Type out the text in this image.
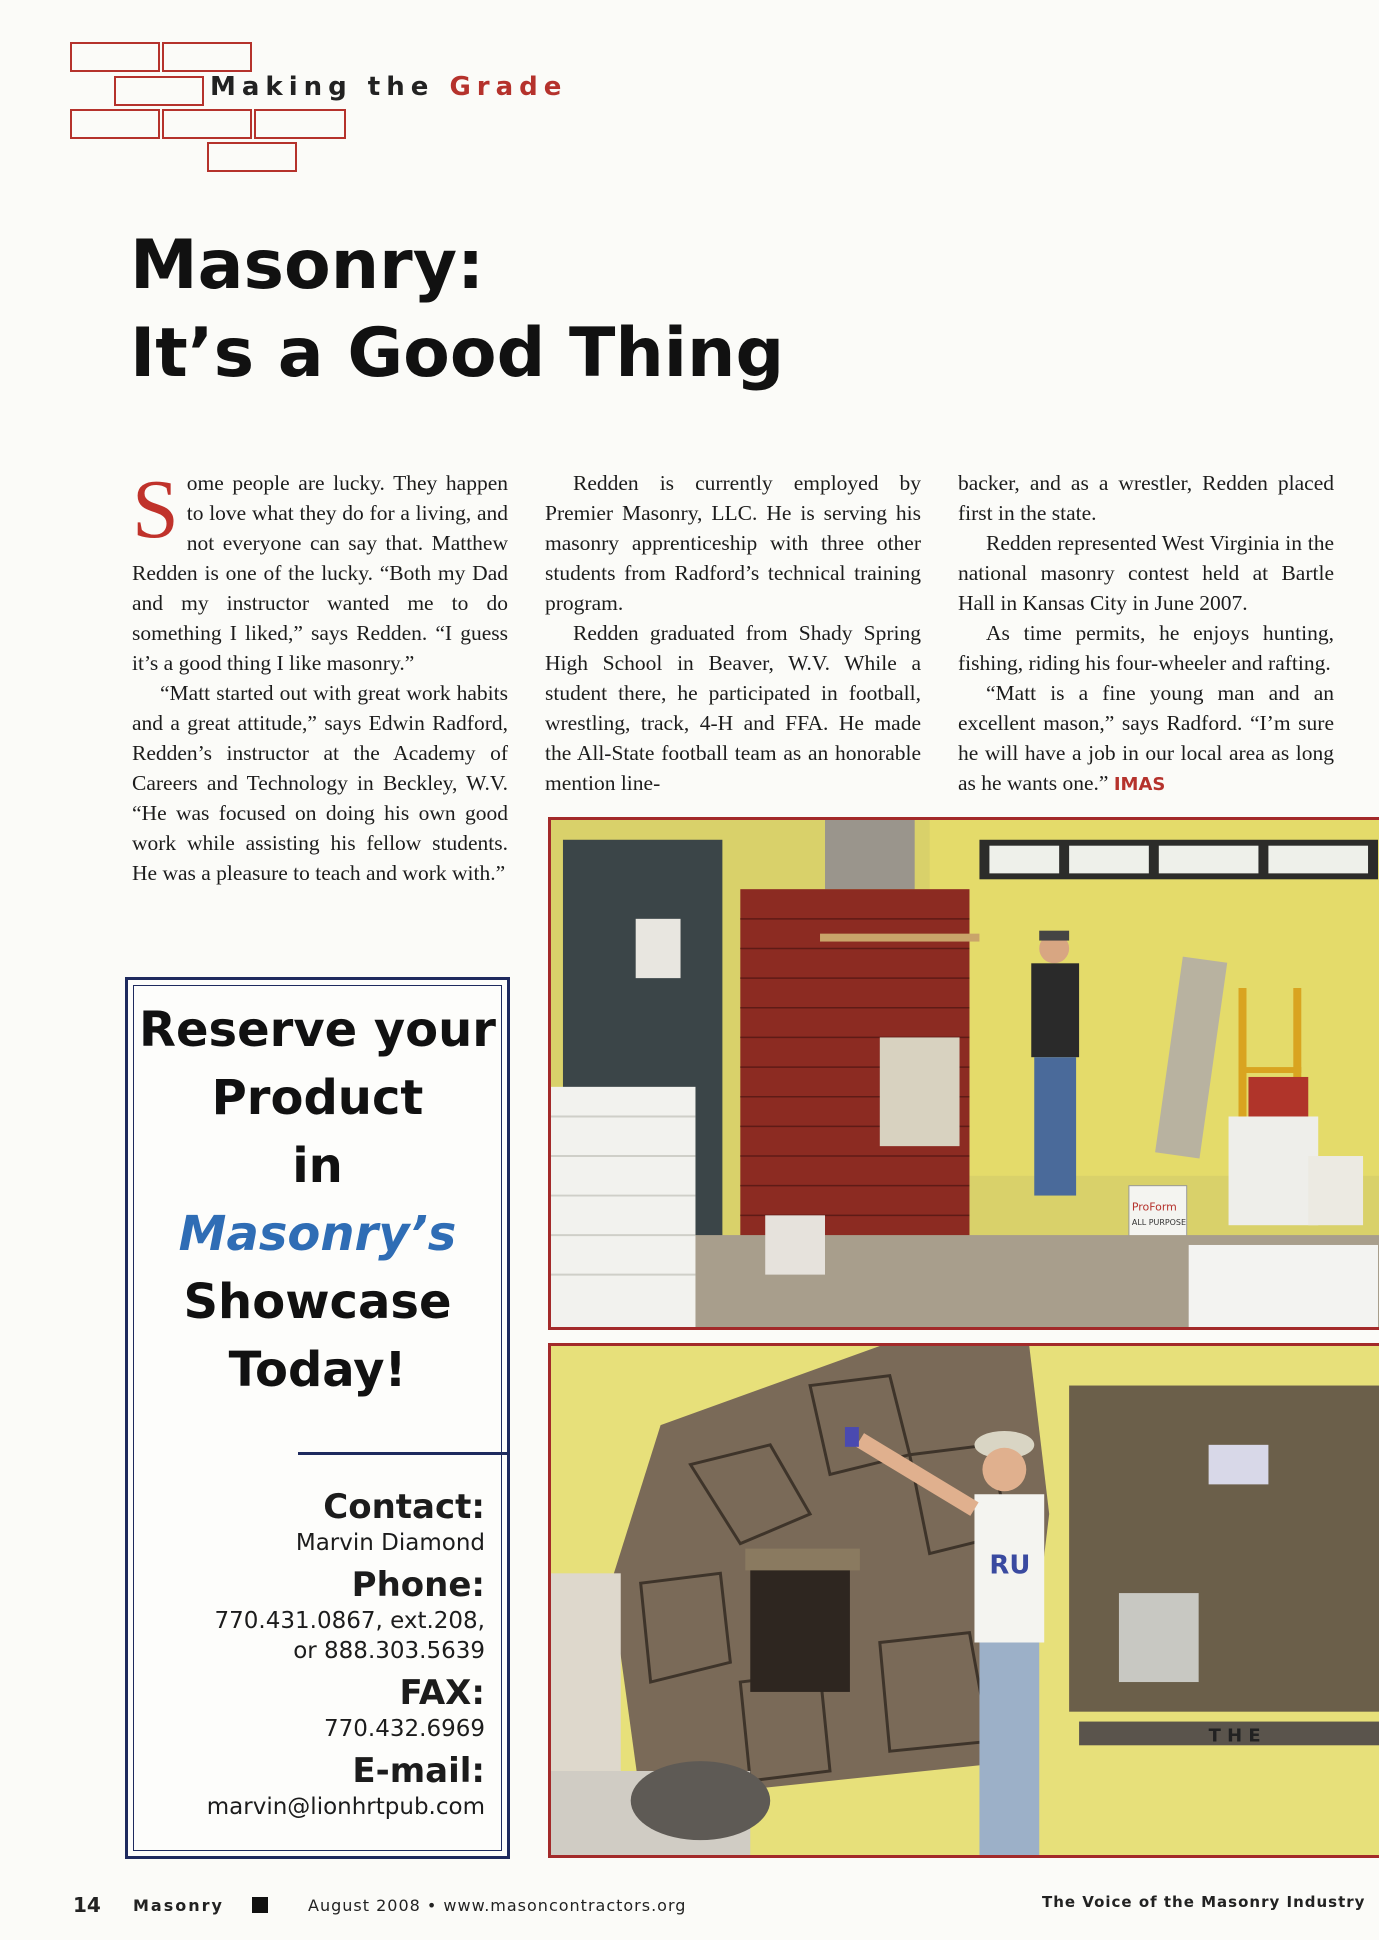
Making the Grade
Masonry:
It’s a Good Thing

Some people are lucky. They happen to love what they do for a living, and not everyone can say that. Matthew Redden is one of the lucky. “Both my Dad and my instructor wanted me to do something I liked,” says Redden. “I guess it’s a good thing I like masonry.”

“Matt started out with great work habits and a great attitude,” says Edwin Radford, Redden’s instructor at the Academy of Careers and Technology in Beckley, W.V. “He was focused on doing his own good work while assisting his fellow students. He was a pleasure to teach and work with.”

Redden is currently employed by Premier Masonry, LLC. He is serving his masonry apprenticeship with three other students from Radford’s technical training program.

Redden graduated from Shady Spring High School in Beaver, W.V. While a student there, he participated in football, wrestling, track, 4-H and FFA. He made the All-State football team as an honorable mention line-

backer, and as a wrestler, Redden placed first in the state.

Redden represented West Virginia in the national masonry contest held at Bartle Hall in Kansas City in June 2007.

As time permits, he enjoys hunting, fishing, riding his four-wheeler and rafting.

“Matt is a fine young man and an excellent mason,” says Radford. “I’m sure he will have a job in our local area as long as he wants one.” IMAS

Reserve your
Product
in
Masonry’s
Showcase
Today!
Contact:
Marvin Diamond
Phone:
770.431.0867, ext.208,
or 888.303.5639
FAX:
770.432.6969
E-mail:
marvin@lionhrtpub.com
ProForm
ALL PURPOSE
RU
T H E
14 Masonry	August 2008 • www.masoncontractors.org	The Voice of the Masonry Industry
